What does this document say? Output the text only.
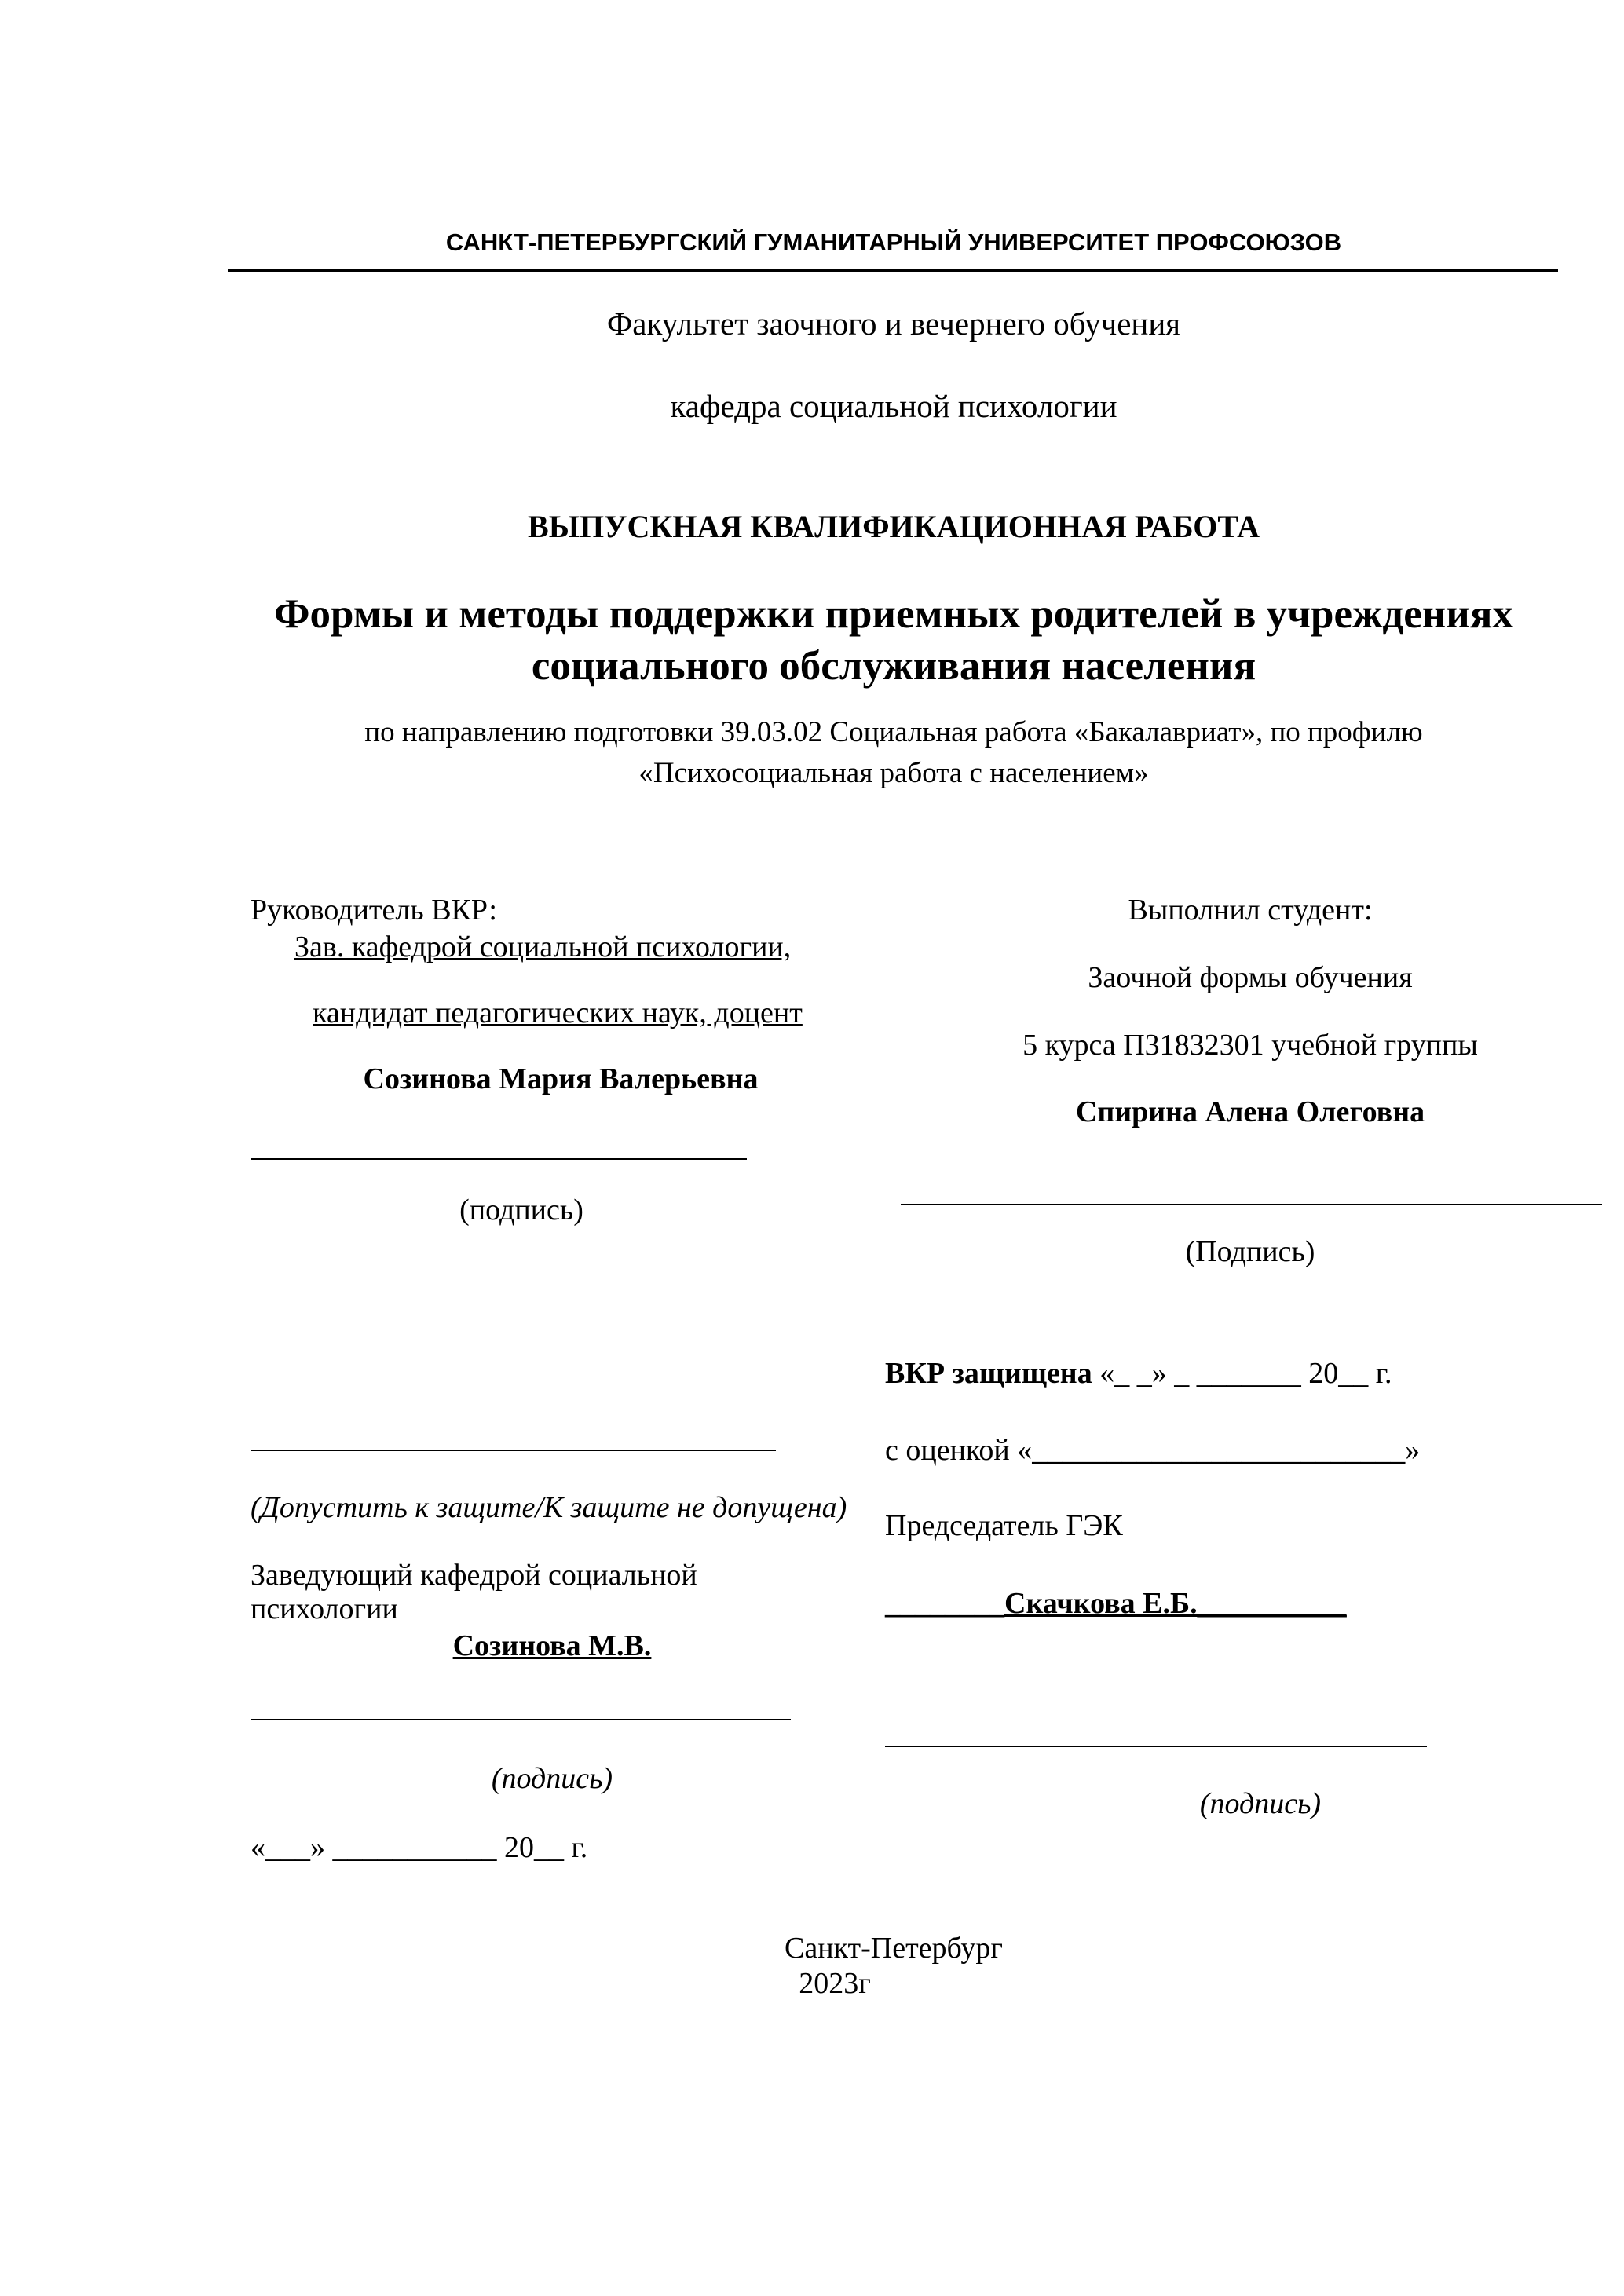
САНКТ-ПЕТЕРБУРГСКИЙ ГУМАНИТАРНЫЙ УНИВЕРСИТЕТ ПРОФСОЮЗОВ
Факультет заочного и вечернего обучения
кафедра социальной психологии
ВЫПУСКНАЯ КВАЛИФИКАЦИОННАЯ РАБОТА
Формы и методы поддержки приемных родителей в учреждениях
социального обслуживания населения
по направлению подготовки 39.03.02 Социальная работа «Бакалавриат», по профилю
«Психосоциальная работа с населением»
Руководитель ВКР:
Зав. кафедрой социальной психологии,
кандидат педагогических наук, доцент
Созинова Мария Валерьевна
(подпись)
Выполнил студент:
Заочной формы обучения
5 курса П31832301 учебной группы
Спирина Алена Олеговна
(Подпись)
ВКР защищена «_ _» _ _______ 20__ г.
с оценкой «_________________________»
Председатель ГЭК
________Скачкова Е.Б.__________
(подпись)
(Допустить к защите/К защите не допущена)
Заведующий кафедрой социальной
психологии
Созинова М.В.
(подпись)
«___» ___________ 20__ г.
Санкт-Петербург
2023г
